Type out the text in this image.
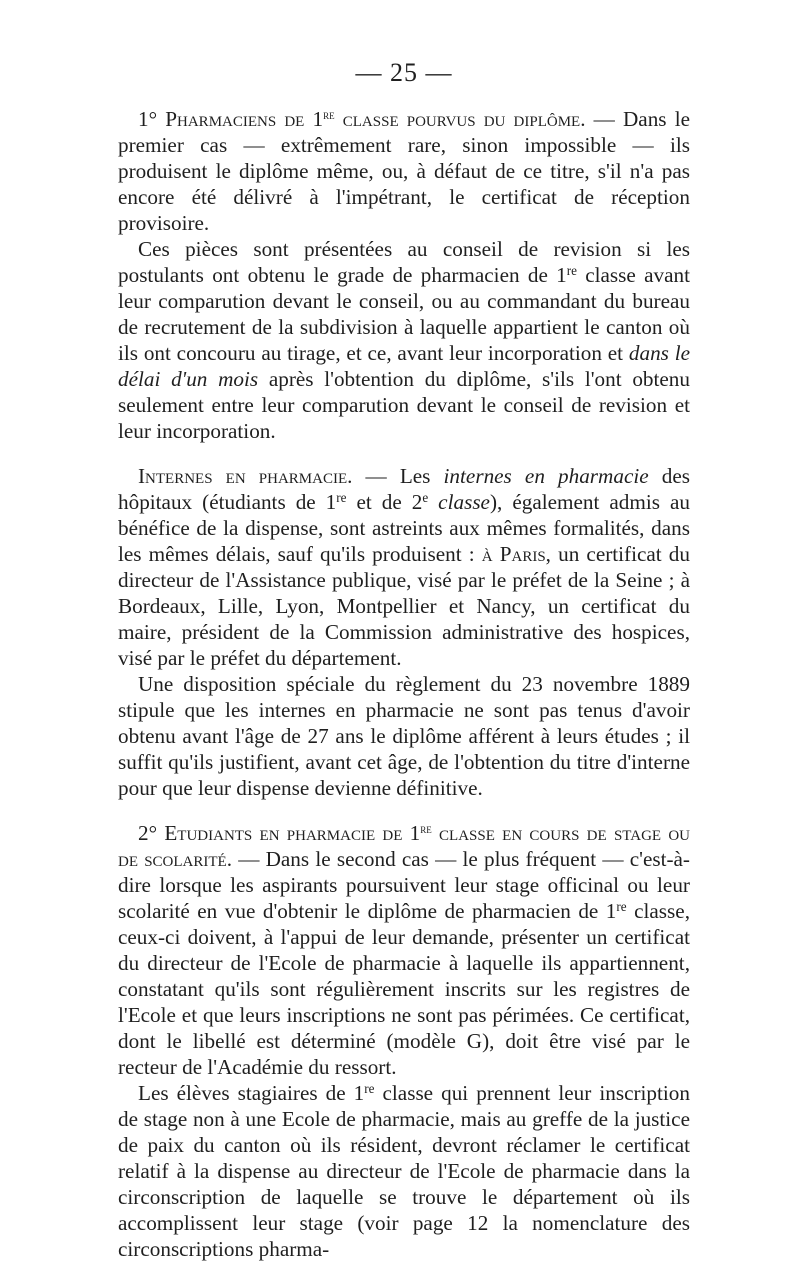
— 25 —

1° Pharmaciens de 1re classe pourvus du diplôme. — Dans le premier cas — extrêmement rare, sinon impossible — ils produisent le diplôme même, ou, à défaut de ce titre, s'il n'a pas encore été délivré à l'impétrant, le certificat de réception provisoire.

Ces pièces sont présentées au conseil de revision si les postulants ont obtenu le grade de pharmacien de 1re classe avant leur comparution devant le conseil, ou au commandant du bureau de recrutement de la subdivision à laquelle appartient le canton où ils ont concouru au tirage, et ce, avant leur incorporation et dans le délai d'un mois après l'obtention du diplôme, s'ils l'ont obtenu seulement entre leur comparution devant le conseil de revision et leur incorporation.

Internes en pharmacie. — Les internes en pharmacie des hôpitaux (étudiants de 1re et de 2e classe), également admis au bénéfice de la dispense, sont astreints aux mêmes formalités, dans les mêmes délais, sauf qu'ils produisent : à Paris, un certificat du directeur de l'Assistance publique, visé par le préfet de la Seine ; à Bordeaux, Lille, Lyon, Montpellier et Nancy, un certificat du maire, président de la Commission administrative des hospices, visé par le préfet du département.

Une disposition spéciale du règlement du 23 novembre 1889 stipule que les internes en pharmacie ne sont pas tenus d'avoir obtenu avant l'âge de 27 ans le diplôme afférent à leurs études ; il suffit qu'ils justifient, avant cet âge, de l'obtention du titre d'interne pour que leur dispense devienne définitive.

2° Etudiants en pharmacie de 1re classe en cours de stage ou de scolarité. — Dans le second cas — le plus fréquent — c'est-à-dire lorsque les aspirants poursuivent leur stage officinal ou leur scolarité en vue d'obtenir le diplôme de pharmacien de 1re classe, ceux-ci doivent, à l'appui de leur demande, présenter un certificat du directeur de l'Ecole de pharmacie à laquelle ils appartiennent, constatant qu'ils sont régulièrement inscrits sur les registres de l'Ecole et que leurs inscriptions ne sont pas périmées. Ce certificat, dont le libellé est déterminé (modèle G), doit être visé par le recteur de l'Académie du ressort.

Les élèves stagiaires de 1re classe qui prennent leur inscription de stage non à une Ecole de pharmacie, mais au greffe de la justice de paix du canton où ils résident, devront réclamer le certificat relatif à la dispense au directeur de l'Ecole de pharmacie dans la circonscription de laquelle se trouve le département où ils accomplissent leur stage (voir page 12 la nomenclature des circonscriptions pharma-
